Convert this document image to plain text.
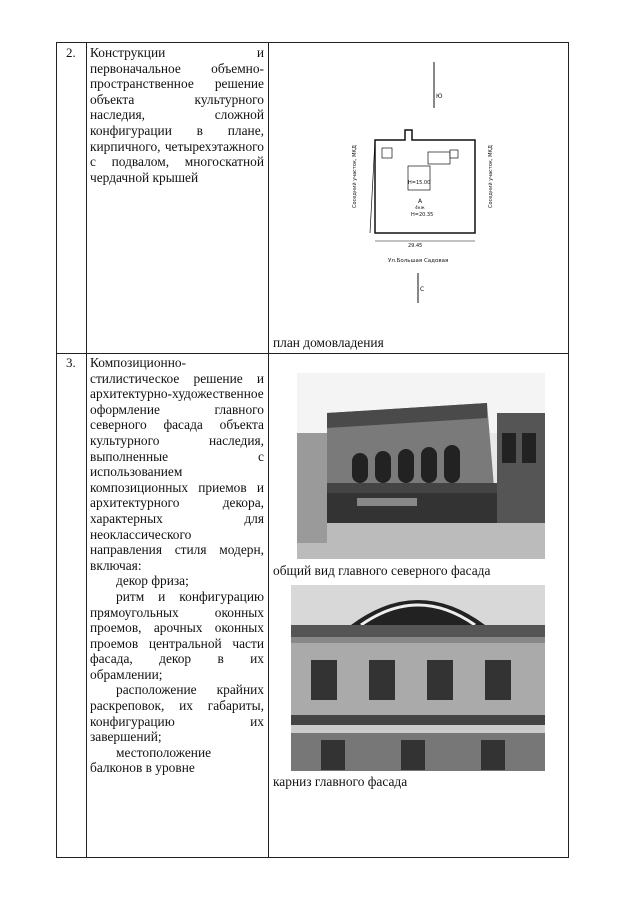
2. Конструкции и первоначальное объемно-пространственное решение объекта культурного наследия, сложной конфигурации в плане, кирпичного, четырехэтажного с подвалом, многоскатной чердачной крышей

Ю
H=15.00
А
4кж
H=20.35
Соседний участок, МКД	Соседний участок, МКД
29.45
Ул.Большая Садовая
С
план домовладения
3. Композиционно-стилистическое решение и архитектурно-художественное оформление главного северного фасада объекта культурного наследия, выполненные с использованием композиционных приемов и архитектурного декора, характерных для неоклассического направления стиля модерн, включая:

декор фриза;

ритм и конфигурацию прямоугольных оконных проемов, арочных оконных проемов центральной части фасада, декор в их обрамлении;

расположение крайних раскреповок, их габариты, конфигурацию их завершений;

местоположение балконов в уровне

общий вид главного северного фасада
карниз главного фасада
